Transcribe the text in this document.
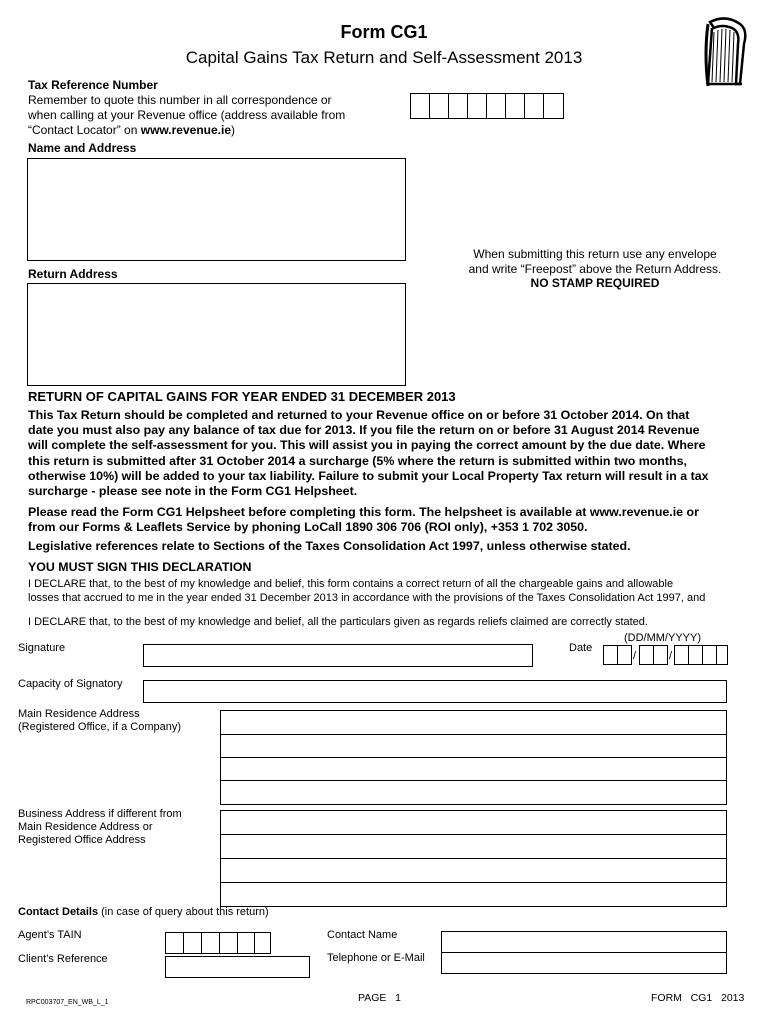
Form CG1
Capital Gains Tax Return and Self-Assessment 2013
Tax Reference Number
Remember to quote this number in all correspondence or
when calling at your Revenue office (address available from
“Contact Locator” on www.revenue.ie)
Name and Address
When submitting this return use any envelope
and write “Freepost” above the Return Address.
NO STAMP REQUIRED
Return Address
RETURN OF CAPITAL GAINS FOR YEAR ENDED 31 DECEMBER 2013
This Tax Return should be completed and returned to your Revenue office on or before 31 October 2014. On that
date you must also pay any balance of tax due for 2013. If you file the return on or before 31 August 2014 Revenue
will complete the self-assessment for you. This will assist you in paying the correct amount by the due date. Where
this return is submitted after 31 October 2014 a surcharge (5% where the return is submitted within two months,
otherwise 10%) will be added to your tax liability. Failure to submit your Local Property Tax return will result in a tax
surcharge - please see note in the Form CG1 Helpsheet.
Please read the Form CG1 Helpsheet before completing this form. The helpsheet is available at www.revenue.ie or
from our Forms & Leaflets Service by phoning LoCall 1890 306 706 (ROI only), +353 1 702 3050.
Legislative references relate to Sections of the Taxes Consolidation Act 1997, unless otherwise stated.
YOU MUST SIGN THIS DECLARATION
I DECLARE that, to the best of my knowledge and belief, this form contains a correct return of all the chargeable gains and allowable
losses that accrued to me in the year ended 31 December 2013 in accordance with the provisions of the Taxes Consolidation Act 1997, and
I DECLARE that, to the best of my knowledge and belief, all the particulars given as regards reliefs claimed are correctly stated.
Signature
(DD/MM/YYYY)
Date
/	/
Capacity of Signatory
Main Residence Address
(Registered Office, if a Company)
Business Address if different from
Main Residence Address or
Registered Office Address
Contact Details (in case of query about this return)
Agent’s TAIN
Client’s Reference
Contact Name
Telephone or E-Mail
RPC003707_EN_WB_L_1	PAGE   1	FORM   CG1   2013
